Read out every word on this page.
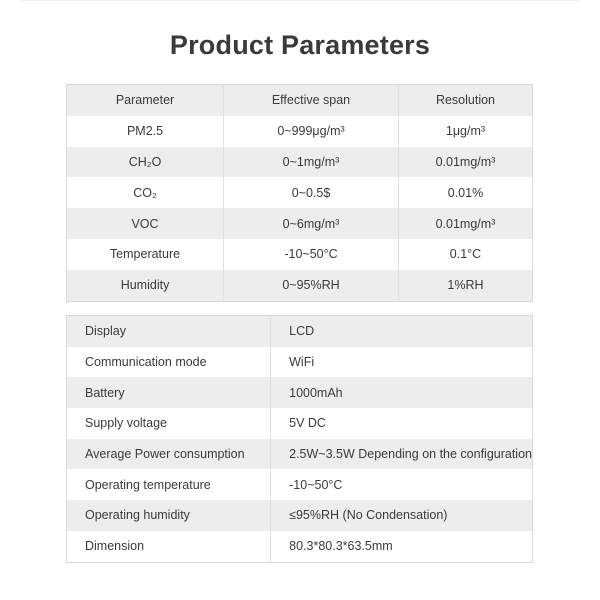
Product Parameters
Parameter	Effective span	Resolution
PM2.5	0~999μg/m³	1μg/m³
CH₂O	0~1mg/m³	0.01mg/m³
CO₂	0~0.5$	0.01%
VOC	0~6mg/m³	0.01mg/m³
Temperature	-10~50°C	0.1°C
Humidity	0~95%RH	1%RH
Display	LCD
Communication mode	WiFi
Battery	1000mAh
Supply voltage	5V DC
Average Power consumption	2.5W~3.5W Depending on the configuration
Operating temperature	-10~50°C
Operating humidity	≤95%RH (No Condensation)
Dimension	80.3*80.3*63.5mm
